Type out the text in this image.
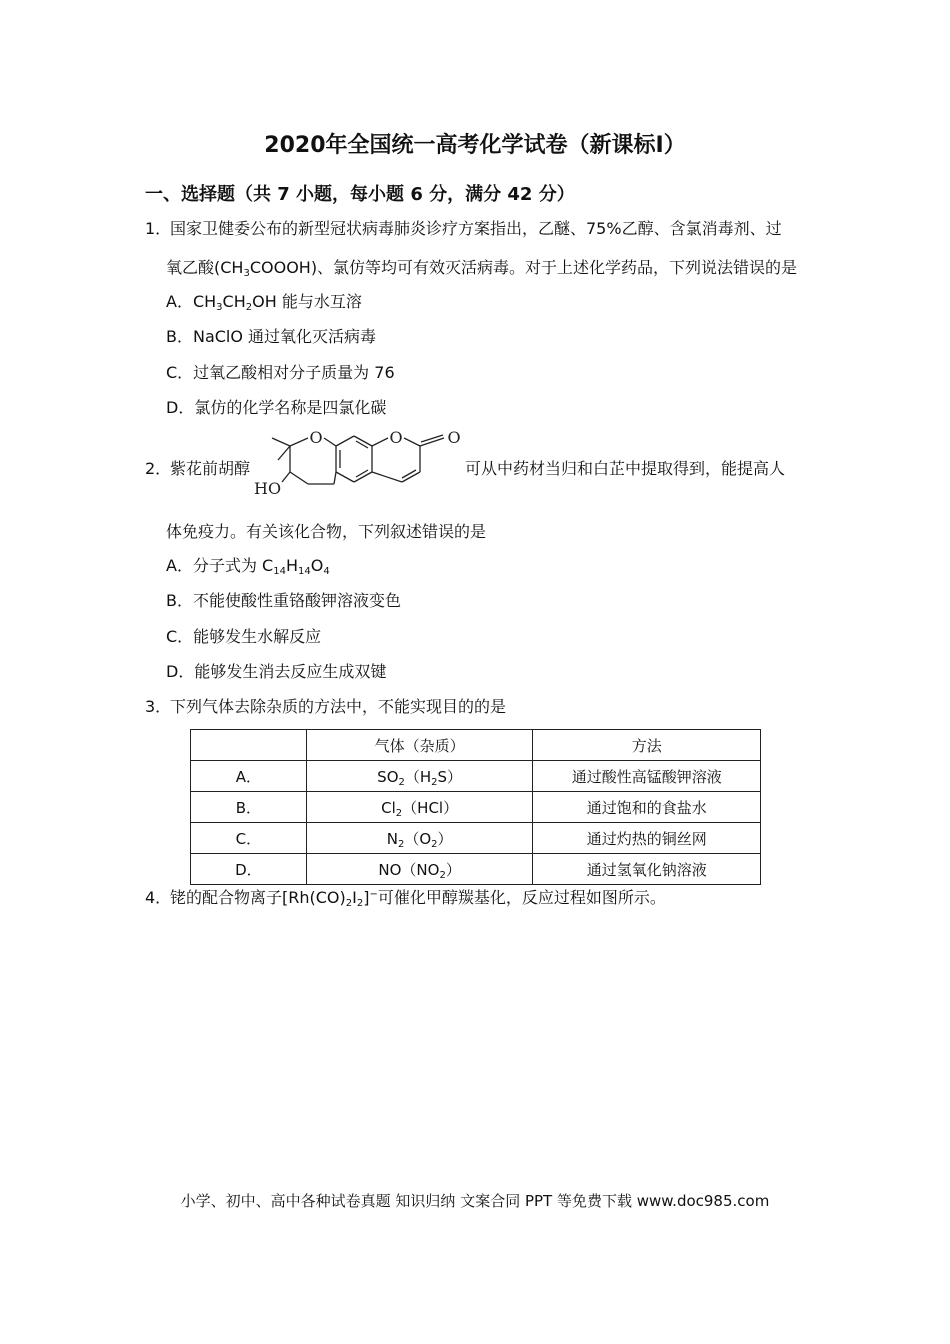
2020年全国统一高考化学试卷（新课标Ⅰ）
一、选择题（共 7 小题，每小题 6 分，满分 42 分）
1．
国家卫健委公布的新型冠状病毒肺炎诊疗方案指出，乙醚、75%乙醇、含氯消毒剂、过
氧乙酸$(CH_3COOOH)$、氯仿等均可有效灭活病毒。对于上述化学药品，下列说法错误的是
A．$CH_3CH_2OH$ 能与水互溶
B．NaClO 通过氧化灭活病毒
C．过氧乙酸相对分子质量为 76
D．氯仿的化学名称是四氯化碳
2．
紫花前胡醇
O	O	O
HO
可从中药材当归和白芷中提取得到，能提高人
体免疫力。有关该化合物，下列叙述错误的是
A．分子式为 $C_{14}H_{14}O_4$
B．不能使酸性重铬酸钾溶液变色
C．能够发生水解反应
D．能够发生消去反应生成双键
3．
下列气体去除杂质的方法中，不能实现目的的是
	气体（杂质）	方法
A．	$SO_2(H_2S)$	通过酸性高锰酸钾溶液
B．	$Cl_2(HCl)$	通过饱和的食盐水
C．	$N_2(O_2)$	通过灼热的铜丝网
D．	$NO(NO_2)$	通过氢氧化钠溶液
4．
铑的配合物离子$[Rh(CO)_2I_2]^-$可催化甲醇羰基化，反应过程如图所示。
小学、初中、高中各种试卷真题 知识归纳 文案合同 PPT 等免费下载 www.doc985.com
